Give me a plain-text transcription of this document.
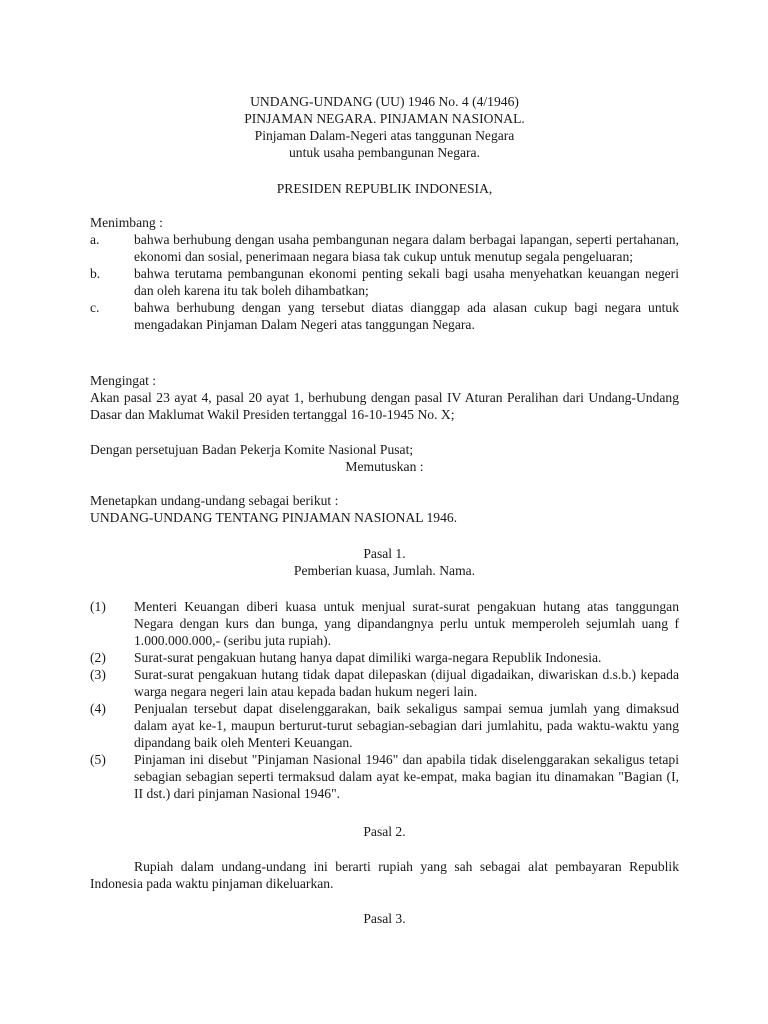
UNDANG-UNDANG (UU) 1946 No. 4 (4/1946)
PINJAMAN NEGARA. PINJAMAN NASIONAL.
Pinjaman Dalam-Negeri atas tanggunan Negara
untuk usaha pembangunan Negara.
PRESIDEN REPUBLIK INDONESIA,
Menimbang :
a.	bahwa berhubung dengan usaha pembangunan negara dalam berbagai lapangan, seperti pertahanan, ekonomi dan sosial, penerimaan negara biasa tak cukup untuk menutup segala pengeluaran;
b. bahwa terutama pembangunan ekonomi penting sekali bagi usaha menyehatkan keuangan negeri dan oleh karena itu tak boleh dihambatkan;
c.	bahwa berhubung dengan yang tersebut diatas dianggap ada alasan cukup bagi negara untuk mengadakan Pinjaman Dalam Negeri atas tanggungan Negara.
Mengingat :
Akan pasal 23 ayat 4, pasal 20 ayat 1, berhubung dengan pasal IV Aturan Peralihan dari Undang-Undang Dasar dan Maklumat Wakil Presiden tertanggal 16-10-1945 No. X;
Dengan persetujuan Badan Pekerja Komite Nasional Pusat;
Memutuskan :
Menetapkan undang-undang sebagai berikut :
UNDANG-UNDANG TENTANG PINJAMAN NASIONAL 1946.
Pasal 1.
Pemberian kuasa, Jumlah. Nama.
(1) Menteri Keuangan diberi kuasa untuk menjual surat-surat pengakuan hutang atas tanggungan Negara dengan kurs dan bunga, yang dipandangnya perlu untuk memperoleh sejumlah uang f 1.000.000.000,- (seribu juta rupiah).
(2) Surat-surat pengakuan hutang hanya dapat dimiliki warga-negara Republik Indonesia.
(3) Surat-surat pengakuan hutang tidak dapat dilepaskan (dijual digadaikan, diwariskan d.s.b.) kepada warga negara negeri lain atau kepada badan hukum negeri lain.
(4) Penjualan tersebut dapat diselenggarakan, baik sekaligus sampai semua jumlah yang dimaksud dalam ayat ke-1, maupun berturut-turut sebagian-sebagian dari jumlahitu, pada waktu-waktu yang dipandang baik oleh Menteri Keuangan.
(5) Pinjaman ini disebut "Pinjaman Nasional 1946" dan apabila tidak diselenggarakan sekaligus tetapi sebagian sebagian seperti termaksud dalam ayat ke-empat, maka bagian itu dinamakan "Bagian (I, II dst.) dari pinjaman Nasional 1946".
Pasal 2.
Rupiah dalam undang-undang ini berarti rupiah yang sah sebagai alat pembayaran Republik Indonesia pada waktu pinjaman dikeluarkan.
Pasal 3.
